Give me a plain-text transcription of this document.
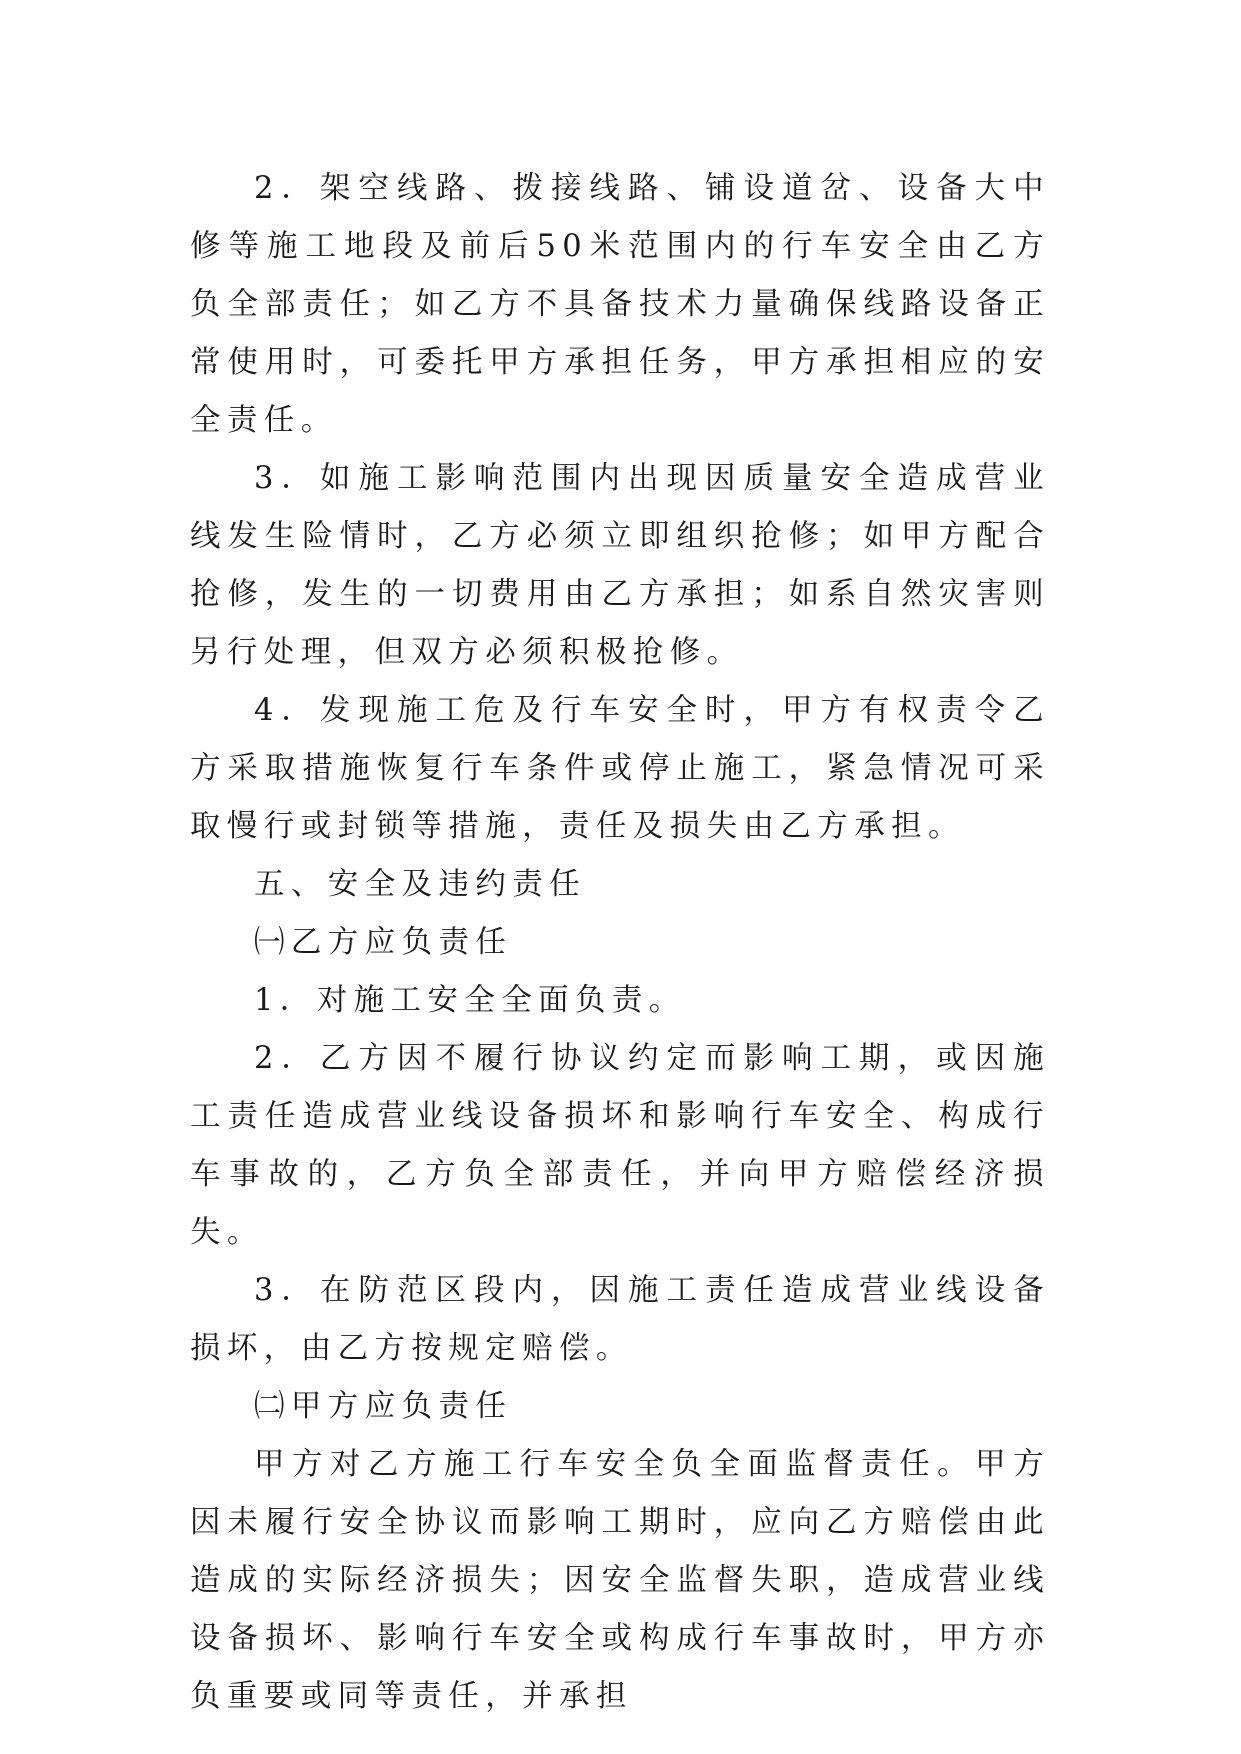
2．架空线路、拨接线路、铺设道岔、设备大中修等施工地段及前后50米范围内的行车安全由乙方负全部责任；如乙方不具备技术力量确保线路设备正常使用时，可委托甲方承担任务，甲方承担相应的安全责任。

3．如施工影响范围内出现因质量安全造成营业线发生险情时，乙方必须立即组织抢修；如甲方配合抢修，发生的一切费用由乙方承担；如系自然灾害则另行处理，但双方必须积极抢修。

4．发现施工危及行车安全时，甲方有权责令乙方采取措施恢复行车条件或停止施工，紧急情况可采取慢行或封锁等措施，责任及损失由乙方承担。

五、安全及违约责任

㈠乙方应负责任

1．对施工安全全面负责。

2．乙方因不履行协议约定而影响工期，或因施工责任造成营业线设备损坏和影响行车安全、构成行车事故的，乙方负全部责任，并向甲方赔偿经济损失。

3．在防范区段内，因施工责任造成营业线设备损坏，由乙方按规定赔偿。

㈡甲方应负责任

甲方对乙方施工行车安全负全面监督责任。甲方因未履行安全协议而影响工期时，应向乙方赔偿由此造成的实际经济损失；因安全监督失职，造成营业线设备损坏、影响行车安全或构成行车事故时，甲方亦负重要或同等责任，并承担
